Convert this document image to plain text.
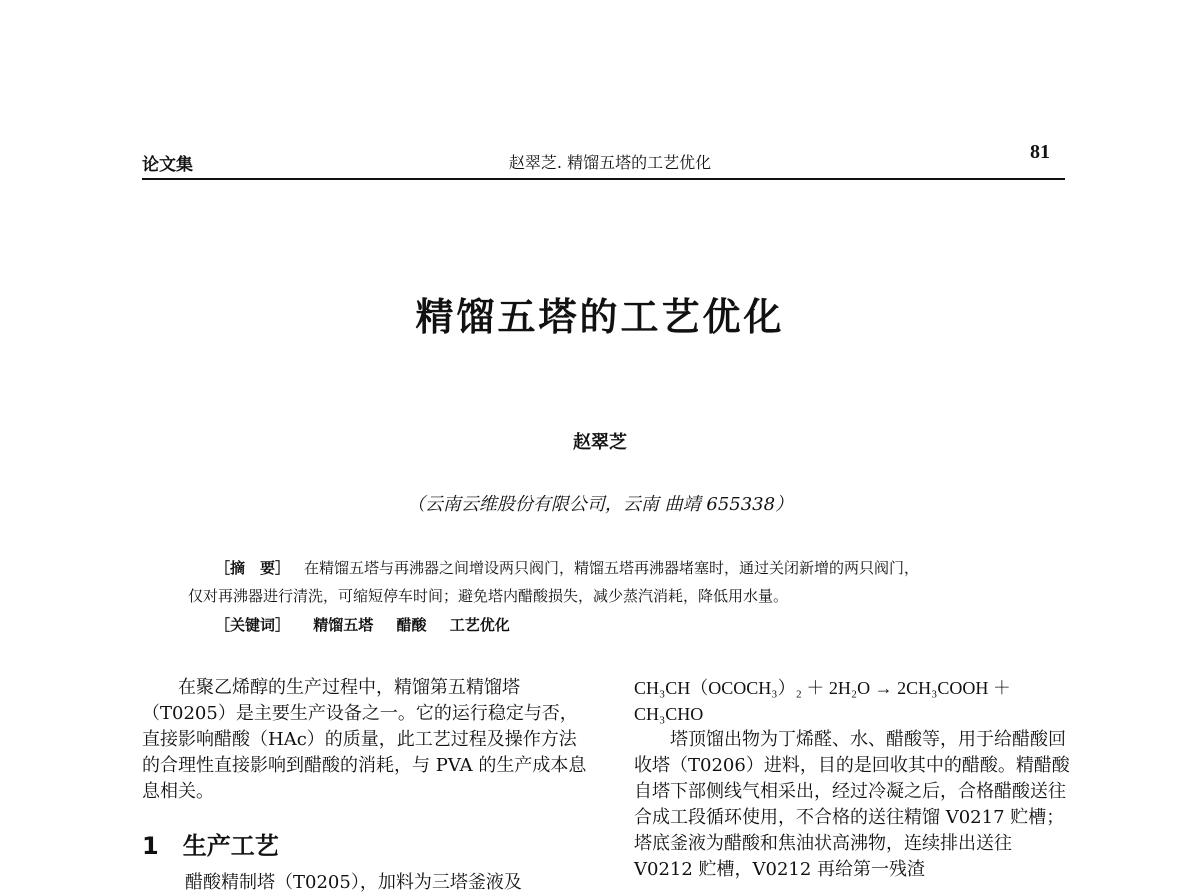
论文集	赵翠芝. 精馏五塔的工艺优化	81
精馏五塔的工艺优化
赵翠芝
（云南云维股份有限公司，云南 曲靖 655338）
［摘　要］ 在精馏五塔与再沸器之间增设两只阀门，精馏五塔再沸器堵塞时，通过关闭新增的两只阀门，
仅对再沸器进行清洗，可缩短停车时间；避免塔内醋酸损失，减少蒸汽消耗，降低用水量。
［关键词］ 精馏五塔 醋酸 工艺优化

在聚乙烯醇的生产过程中，精馏第五精馏塔（T0205）是主要生产设备之一。它的运行稳定与否，直接影响醋酸（HAc）的质量，此工艺过程及操作方法的合理性直接影响到醋酸的消耗，与 PVA 的生产成本息息相关。

1 生产工艺
醋酸精制塔（T0205），加料为三塔釜液及

CH₃CH（OCOCH₃）₂ ＋ 2H₂O → 2CH₃COOH ＋

CH₃CHO

塔顶馏出物为丁烯醛、水、醋酸等，用于给醋酸回收塔（T0206）进料，目的是回收其中的醋酸。精醋酸自塔下部侧线气相采出，经过冷凝之后，合格醋酸送往合成工段循环使用，不合格的送往精馏 V0217 贮槽；塔底釜液为醋酸和焦油状高沸物，连续排出送往 V0212 贮槽，V0212 再给第一残渣
